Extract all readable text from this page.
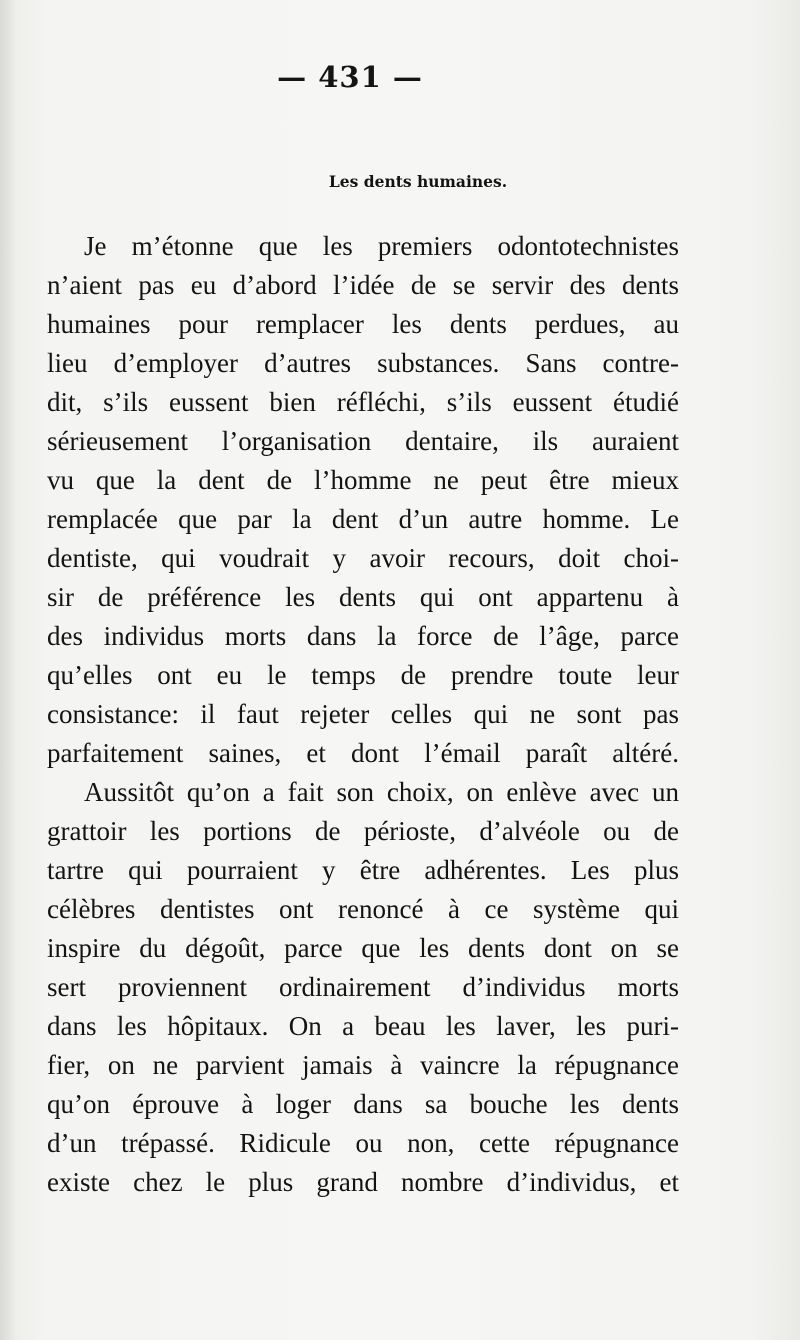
— 431 —
Les dents humaines.
Je m’étonne que les premiers odontotechnistes
n’aient pas eu d’abord l’idée de se servir des dents
humaines pour remplacer les dents perdues, au
lieu d’employer d’autres substances. Sans contre-
dit, s’ils eussent bien réfléchi, s’ils eussent étudié
sérieusement l’organisation dentaire, ils auraient
vu que la dent de l’homme ne peut être mieux
remplacée que par la dent d’un autre homme. Le
dentiste, qui voudrait y avoir recours, doit choi-
sir de préférence les dents qui ont appartenu à
des individus morts dans la force de l’âge, parce
qu’elles ont eu le temps de prendre toute leur
consistance: il faut rejeter celles qui ne sont pas
parfaitement saines, et dont l’émail paraît altéré.
Aussitôt qu’on a fait son choix, on enlève avec un
grattoir les portions de périoste, d’alvéole ou de
tartre qui pourraient y être adhérentes. Les plus
célèbres dentistes ont renoncé à ce système qui
inspire du dégoût, parce que les dents dont on se
sert proviennent ordinairement d’individus morts
dans les hôpitaux. On a beau les laver, les puri-
fier, on ne parvient jamais à vaincre la répugnance
qu’on éprouve à loger dans sa bouche les dents
d’un trépassé. Ridicule ou non, cette répugnance
existe chez le plus grand nombre d’individus, et
